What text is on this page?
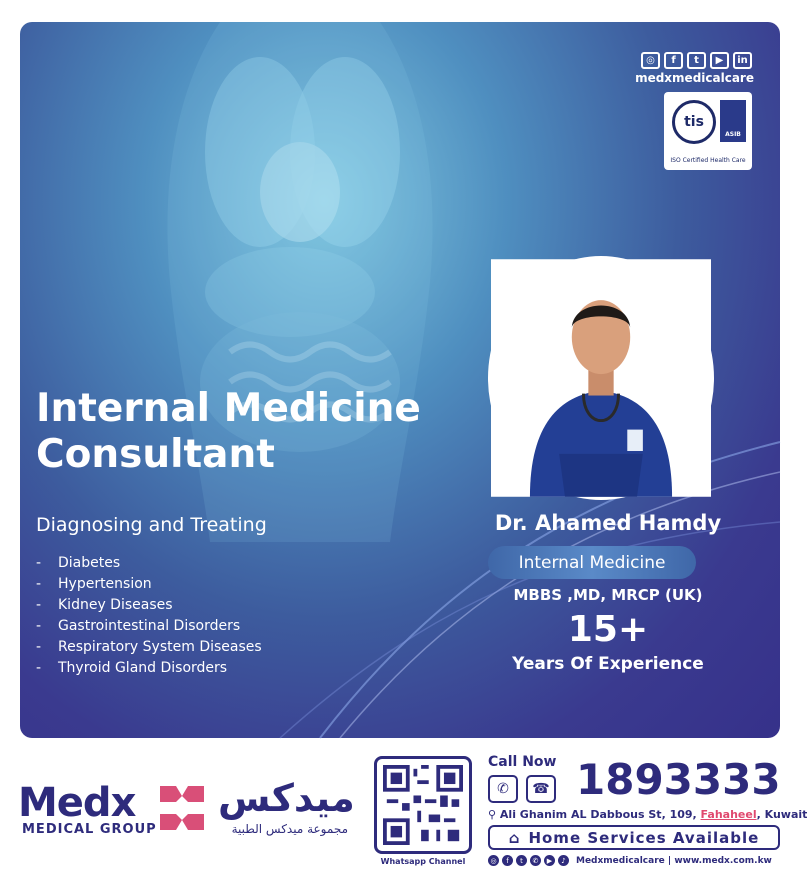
◎	f	t	▶	in
medxmedicalcare
tis
ASIB
ISO Certified Health Care
Internal Medicine
Consultant
Diagnosing and Treating
-	Diabetes
-	Hypertension
-	Kidney Diseases
-	Gastrointestinal Disorders
-	Respiratory System Diseases
-	Thyroid Gland Disorders
Dr. Ahamed Hamdy
Internal Medicine
MBBS ,MD, MRCP (UK)
15+
Years Of Experience
Medx
MEDICAL GROUP
ميدكس
مجموعة ميدكس الطبية
Whatsapp Channel
Call Now
✆	☎ 1893333
⚲ Ali Ghanim AL Dabbous St, 109, Fahaheel, Kuwait
⌂ Home Services Available
◎	f	t	✆	▶	♪	Medxmedicalcare | www.medx.com.kw
